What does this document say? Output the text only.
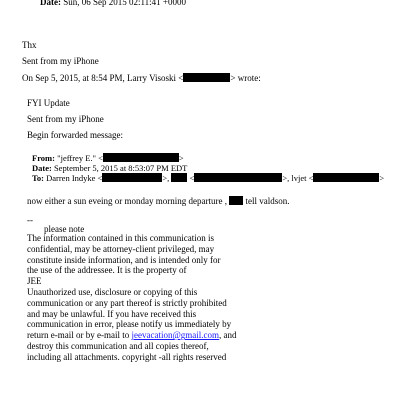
Date: Sun, 06 Sep 2015 02:11:41 +0000
Thx
Sent from my iPhone
On Sep 5, 2015, at 8:54 PM, Larry Visoski <	> wrote:
FYI Update
Sent from my iPhone
Begin forwarded message:
From: "jeffrey E." <	>
Date: September 5, 2015 at 8:53:07 PM EDT
To: Darren Indyke <	>, <	>, lvjet <	>
now either a sun eveing or monday morning departure , tell valdson.
--
please note
The information contained in this communication is
confidential, may be attorney-client privileged, may
constitute inside information, and is intended only for
the use of the addressee. It is the property of
JEE
Unauthorized use, disclosure or copying of this
communication or any part thereof is strictly prohibited
and may be unlawful. If you have received this
communication in error, please notify us immediately by
return e-mail or by e-mail to jeevacation@gmail.com, and
destroy this communication and all copies thereof,
including all attachments. copyright -all rights reserved
